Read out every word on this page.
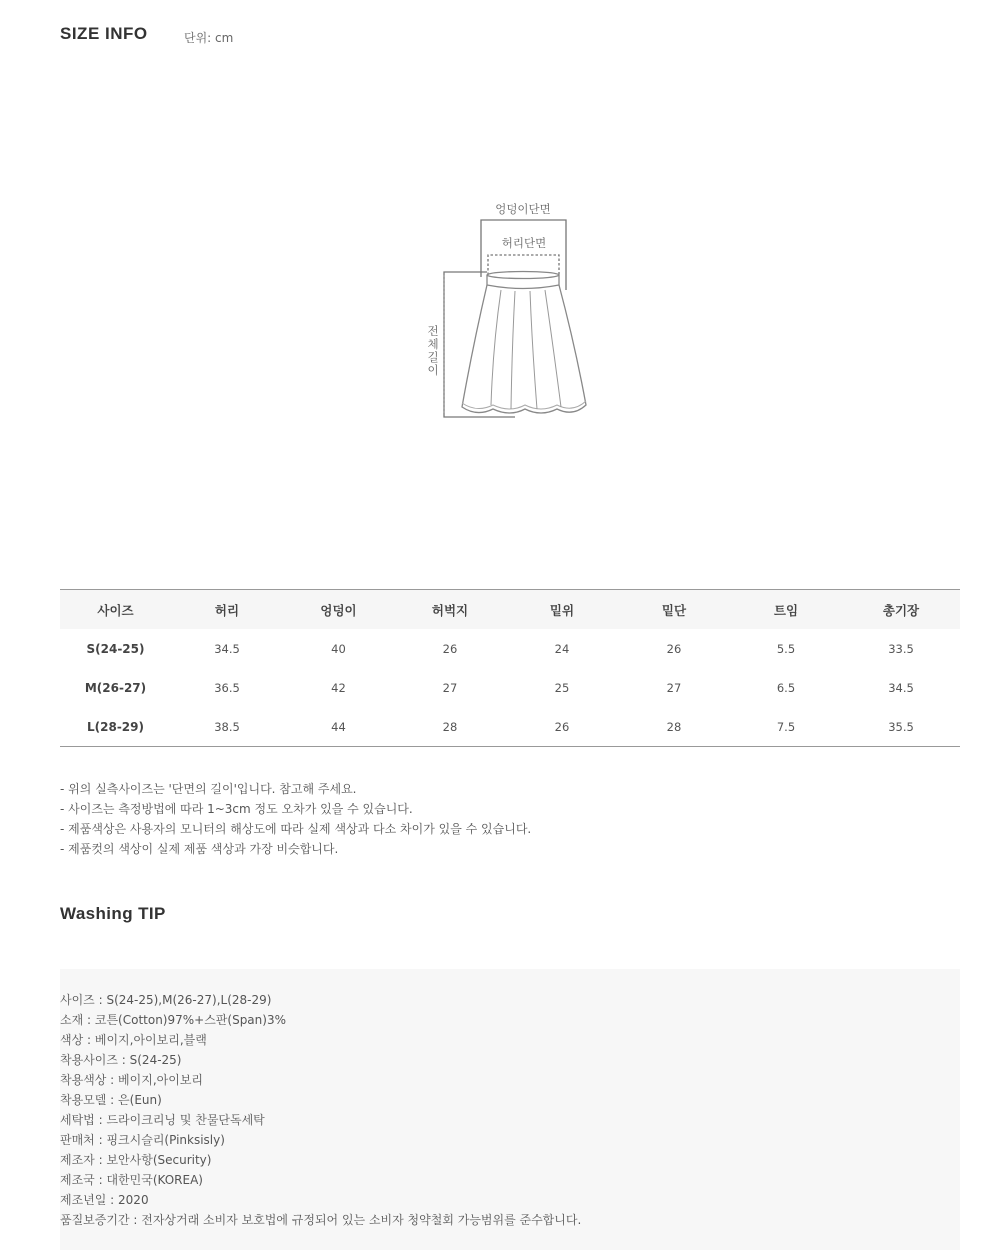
SIZE INFO	단위: cm
엉덩이단면
허리단면
전
체
길
이
사이즈	허리	엉덩이	허벅지	밑위	밑단	트임	총기장
S(24-25)	34.5	40	26	24	26	5.5	33.5
M(26-27)	36.5	42	27	25	27	6.5	34.5
L(28-29)	38.5	44	28	26	28	7.5	35.5
- 위의 실측사이즈는 '단면의 길이'입니다. 참고해 주세요.
- 사이즈는 측정방법에 따라 1~3cm 정도 오차가 있을 수 있습니다.
- 제품색상은 사용자의 모니터의 해상도에 따라 실제 색상과 다소 차이가 있을 수 있습니다.
- 제품컷의 색상이 실제 제품 색상과 가장 비슷합니다.
Washing TIP
사이즈 : S(24-25),M(26-27),L(28-29)
소재 : 코튼(Cotton)97%+스판(Span)3%
색상 : 베이지,아이보리,블랙
착용사이즈 : S(24-25)
착용색상 : 베이지,아이보리
착용모델 : 은(Eun)
세탁법 : 드라이크리닝 및 찬물단독세탁
판매처 : 핑크시슬리(Pinksisly)
제조자 : 보안사항(Security)
제조국 : 대한민국(KOREA)
제조년일 : 2020
품질보증기간 : 전자상거래 소비자 보호법에 규정되어 있는 소비자 청약철회 가능범위를 준수합니다.
